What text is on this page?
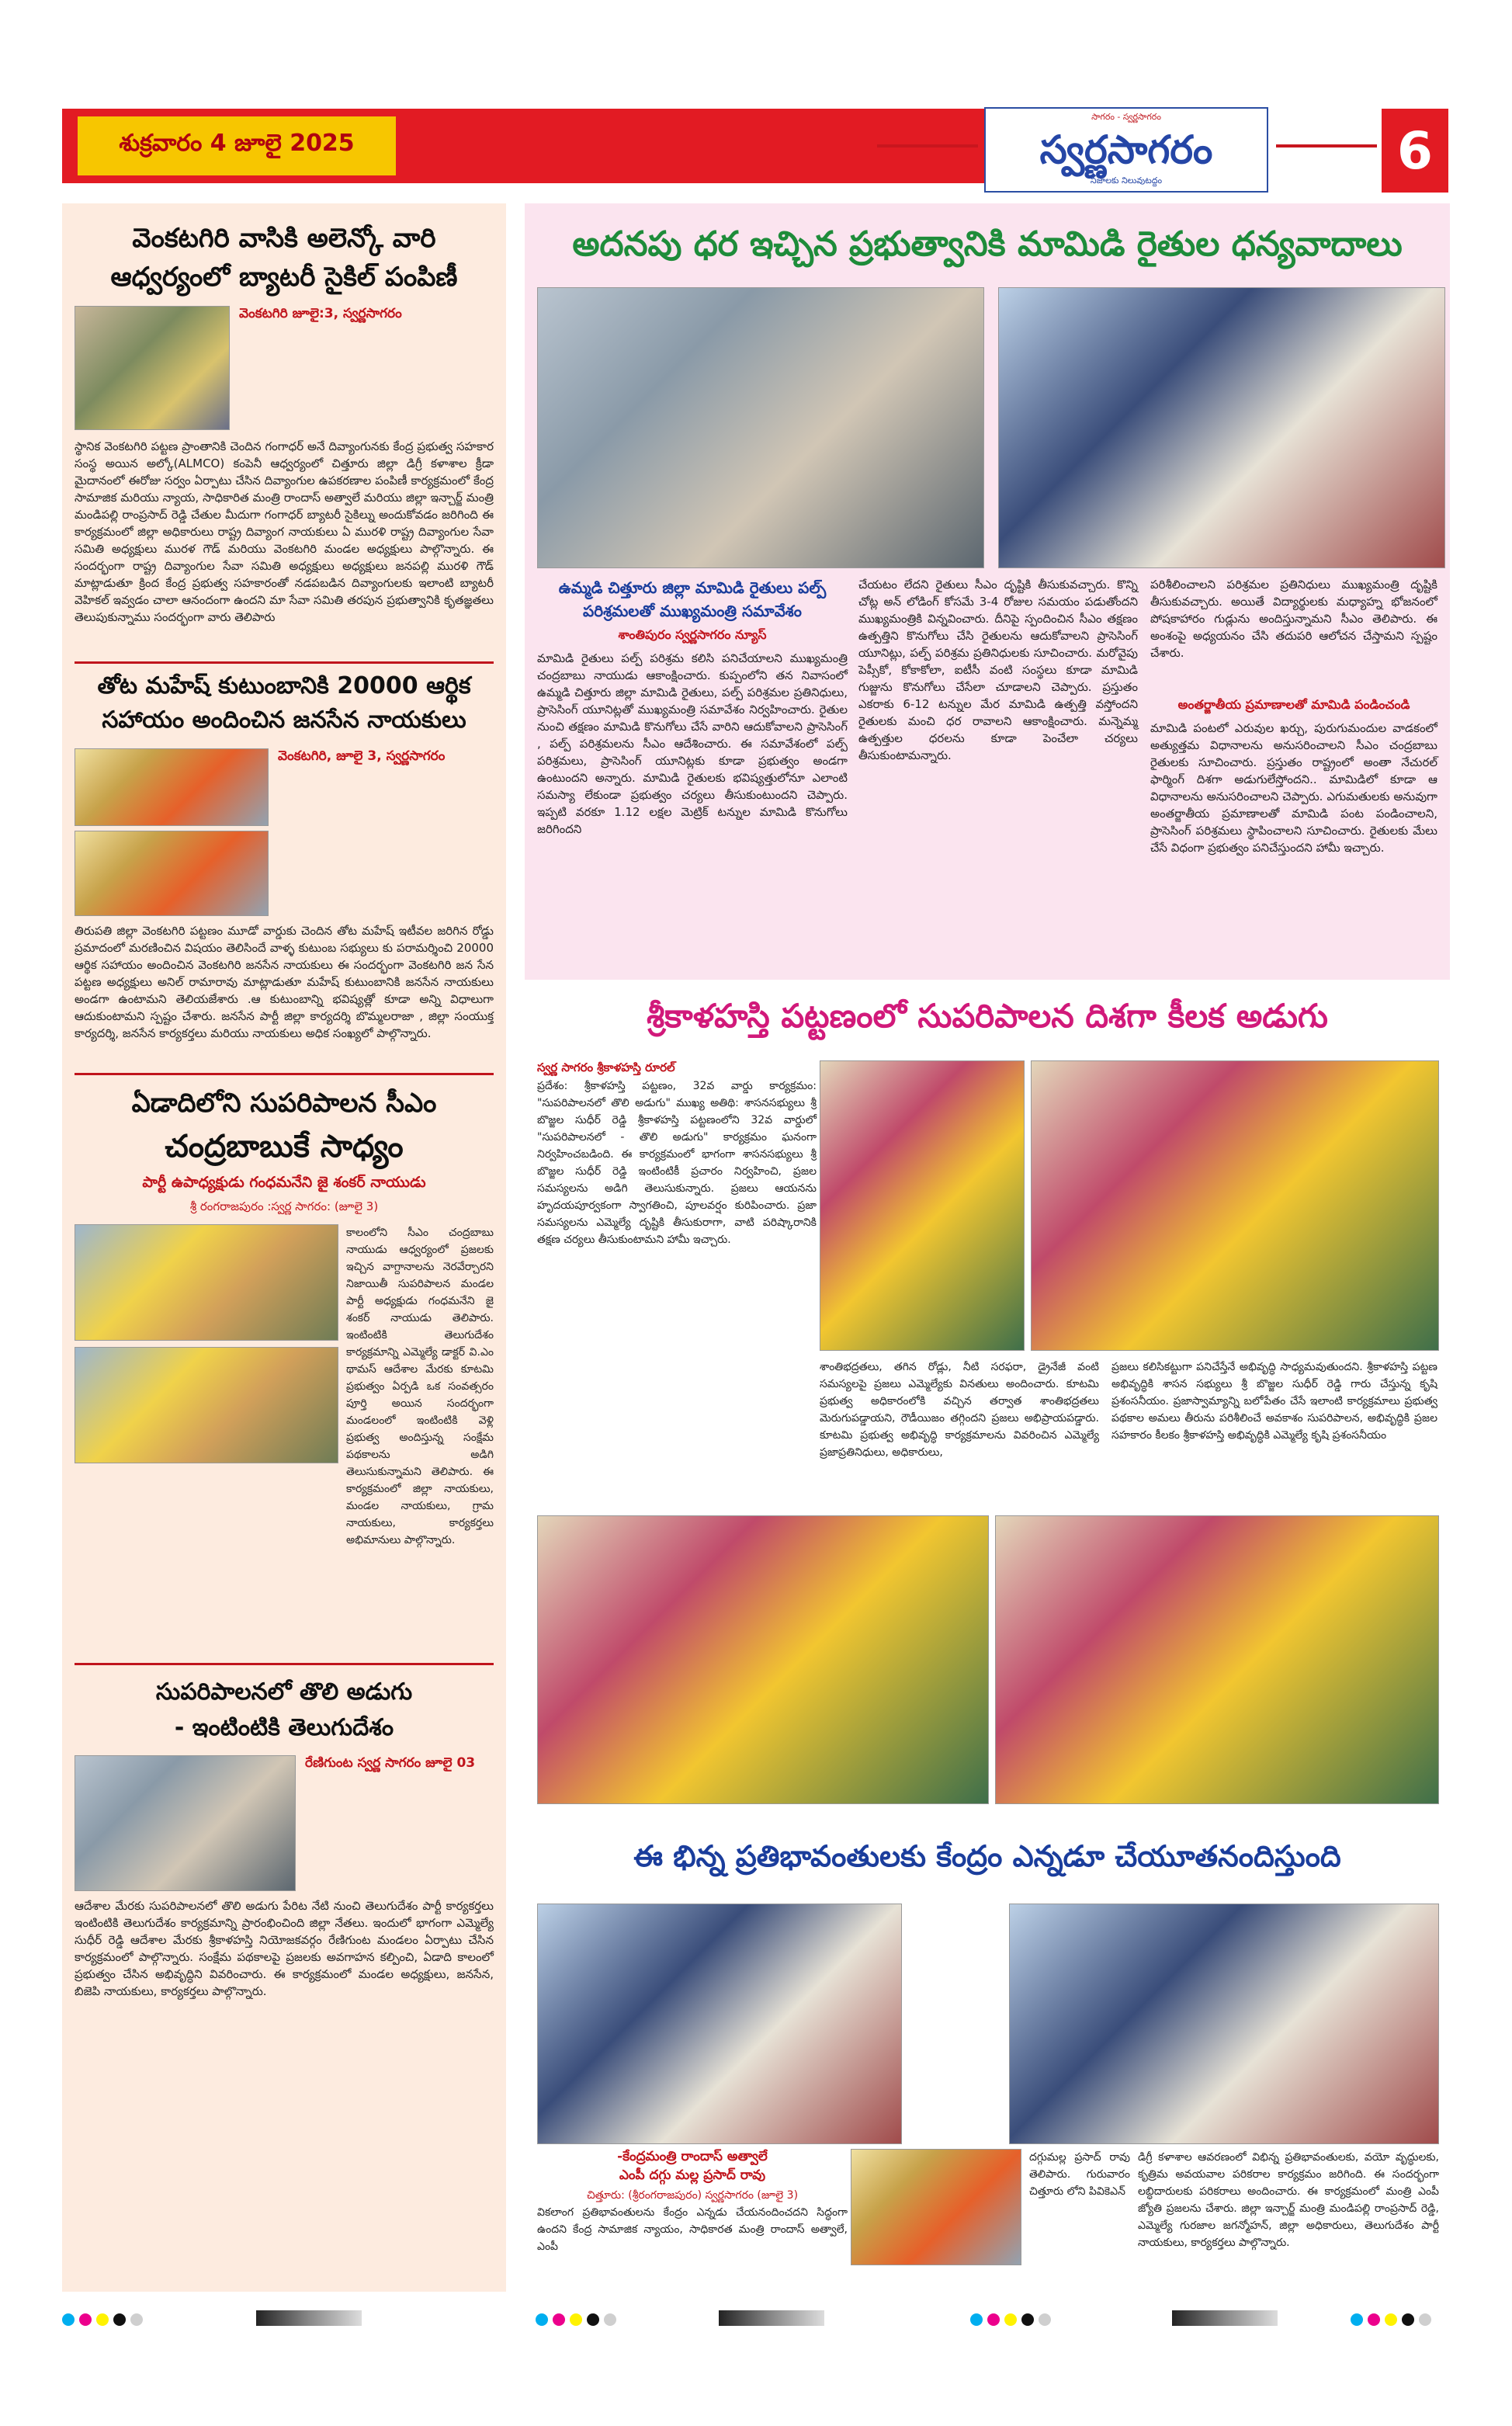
శుక్రవారం 4 జూలై 2025
సాగరం - స్వర్ణసాగరం
స్వర్ణసాగరం
నిజాలకు నిలువుటద్దం	6
వెంకటగిరి వాసికి అలెన్కో వారి
ఆధ్వర్యంలో బ్యాటరీ సైకిల్ పంపిణీ
వెంకటగిరి జూలై:3, స్వర్ణసాగరం
స్థానిక వెంకటగిరి పట్టణ ప్రాంతానికి చెందిన గంగాధర్ అనే దివ్యాంగునకు కేంద్ర ప్రభుత్వ సహకార సంస్థ అయిన అల్కో(ALMCO) కంపెనీ ఆధ్వర్యంలో చిత్తూరు జిల్లా డిగ్రీ కళాశాల క్రీడా మైదానంలో ఈరోజు సర్వం ఏర్పాటు చేసిన దివ్యాంగుల ఉపకరణాల పంపిణీ కార్యక్రమంలో కేంద్ర సామాజిక మరియు న్యాయ, సాధికారిత మంత్రి రాందాస్ అత్వాలే మరియు జిల్లా ఇన్చార్జ్ మంత్రి మండిపల్లి రాంప్రసాద్ రెడ్డి చేతుల మీదుగా గంగాధర్ బ్యాటరీ సైకిల్ను అందుకోవడం జరిగింది ఈ కార్యక్రమంలో జిల్లా అధికారులు రాష్ట్ర దివ్యాంగ నాయకులు ఏ మురళి రాష్ట్ర దివ్యాంగుల సేవా సమితి అధ్యక్షులు మురళ గౌడ్ మరియు వెంకటగిరి మండల అధ్యక్షులు పాల్గొన్నారు. ఈ సందర్భంగా రాష్ట్ర దివ్యాంగుల సేవా సమితి అధ్యక్షులు అధ్యక్షులు జనపల్లి మురళి గౌడ్ మాట్లాడుతూ క్రింద కేంద్ర ప్రభుత్వ సహకారంతో నడపబడిన దివ్యాంగులకు ఇలాంటి బ్యాటరీ వెహికల్ ఇవ్వడం చాలా ఆనందంగా ఉందని మా సేవా సమితి తరపున ప్రభుత్వానికి కృతజ్ఞతలు తెలుపుకున్నాము సందర్భంగా వారు తెలిపారు
తోట మహేష్ కుటుంబానికి 20000 ఆర్థిక
సహాయం అందించిన జనసేన నాయకులు
వెంకటగిరి, జూలై 3, స్వర్ణసాగరం
తిరుపతి జిల్లా వెంకటగిరి పట్టణం మూడో వార్డుకు చెందిన తోట మహేష్ ఇటీవల జరిగిన రోడ్డు ప్రమాదంలో మరణించిన విషయం తెలిసిందే వాళ్ళ కుటుంబ సభ్యులు కు పరామర్శించి 20000 ఆర్థిక సహాయం అందించిన వెంకటగిరి జనసేన నాయకులు ఈ సందర్భంగా వెంకటగిరి జన సేన పట్టణ అధ్యక్షులు అనిల్ రామారావు మాట్లాడుతూ మహేష్ కుటుంబానికి జనసేన నాయకులు అండగా ఉంటామని తెలియజేశారు .ఆ కుటుంబాన్ని భవిష్యత్లో కూడా అన్ని విధాలుగా ఆదుకుంటామని స్పష్టం చేశారు. జనసేన పార్టీ జిల్లా కార్యదర్శి బొమ్మలరాజా , జిల్లా సంయుక్త కార్యదర్శి, జనసేన కార్యకర్తలు మరియు నాయకులు అధిక సంఖ్యలో పాల్గొన్నారు.
ఏడాదిలోని సుపరిపాలన సీఎం
చంద్రబాబుకే సాధ్యం
పార్టీ ఉపాధ్యక్షుడు గంధమనేని జై శంకర్ నాయుడు
శ్రీ రంగరాజపురం :స్వర్ణ సాగరం: (జూలై 3)
కాలంలోని సీఎం చంద్రబాబు నాయుడు ఆధ్వర్యంలో ప్రజలకు ఇచ్చిన వాగ్దానాలను నెరవేర్చారని నిజాయితీ సుపరిపాలన మండల పార్టీ అధ్యక్షుడు గంధమనేని జై శంకర్ నాయుడు తెలిపారు. ఇంటింటికి తెలుగుదేశం కార్యక్రమాన్ని ఎమ్మెల్యే డాక్టర్ వి.ఎం థామస్ ఆదేశాల మేరకు కూటమి ప్రభుత్వం ఏర్పడి ఒక సంవత్సరం పూర్తి అయిన సందర్భంగా మండలంలో ఇంటింటికి వెళ్లి ప్రభుత్వ అందిస్తున్న సంక్షేమ పథకాలను అడిగి తెలుసుకున్నామని తెలిపారు. ఈ కార్యక్రమంలో జిల్లా నాయకులు, మండల నాయకులు, గ్రామ నాయకులు, కార్యకర్తలు అభిమానులు పాల్గొన్నారు.
సుపరిపాలనలో తొలి అడుగు
- ఇంటింటికి తెలుగుదేశం
రేణిగుంట స్వర్ణ సాగరం జూలై 03
ఆదేశాల మేరకు సుపరిపాలనలో తొలి అడుగు పేరిట నేటి నుంచి తెలుగుదేశం పార్టీ కార్యకర్తలు ఇంటింటికి తెలుగుదేశం కార్యక్రమాన్ని ప్రారంభించింది జిల్లా నేతలు. ఇందులో భాగంగా ఎమ్మెల్యే సుధీర్ రెడ్డి ఆదేశాల మేరకు శ్రీకాళహస్తి నియోజకవర్గం రేణిగుంట మండలం ఏర్పాటు చేసిన కార్యక్రమంలో పాల్గొన్నారు. సంక్షేమ పథకాలపై ప్రజలకు అవగాహన కల్పించి, ఏడాది కాలంలో ప్రభుత్వం చేసిన అభివృద్ధిని వివరించారు. ఈ కార్యక్రమంలో మండల అధ్యక్షులు, జనసేన, బిజెపి నాయకులు, కార్యకర్తలు పాల్గొన్నారు.
అదనపు ధర ఇచ్చిన ప్రభుత్వానికి మామిడి రైతుల ధన్యవాదాలు
ఉమ్మడి చిత్తూరు జిల్లా మామిడి రైతులు పల్ప్
పరిశ్రమలతో ముఖ్యమంత్రి సమావేశం
శాంతిపురం స్వర్ణసాగరం న్యూస్
మామిడి రైతులు పల్ప్ పరిశ్రమ కలిసి పనిచేయాలని ముఖ్యమంత్రి చంద్రబాబు నాయుడు ఆకాంక్షించారు. కుప్పంలోని తన నివాసంలో ఉమ్మడి చిత్తూరు జిల్లా మామిడి రైతులు, పల్ప్ పరిశ్రమల ప్రతినిధులు, ప్రాసెసింగ్ యూనిట్లతో ముఖ్యమంత్రి సమావేశం నిర్వహించారు. రైతుల నుంచి తక్షణం మామిడి కొనుగోలు చేసే వారిని ఆదుకోవాలని ప్రాసెసింగ్ , పల్ప్ పరిశ్రమలను సీఎం ఆదేశించారు. ఈ సమావేశంలో పల్ప్ పరిశ్రమలు, ప్రాసెసింగ్ యూనిట్లకు కూడా ప్రభుత్వం అండగా ఉంటుందని అన్నారు. మామిడి రైతులకు భవిష్యత్తులోనూ ఎలాంటి సమస్యా లేకుండా ప్రభుత్వం చర్యలు తీసుకుంటుందని చెప్పారు. ఇప్పటి వరకూ 1.12 లక్షల మెట్రిక్ టన్నుల మామిడి కొనుగోలు జరిగిందని
చేయటం లేదని రైతులు సీఎం దృష్టికి తీసుకువచ్చారు. కొన్ని చోట్ల అన్ లోడింగ్ కోసమే 3-4 రోజుల సమయం పడుతోందని ముఖ్యమంత్రికి విన్నవించారు. దీనిపై స్పందించిన సీఎం తక్షణం ఉత్పత్తిని కొనుగోలు చేసి రైతులను ఆదుకోవాలని ప్రాసెసింగ్ యూనిట్లు, పల్ప్ పరిశ్రమ ప్రతినిధులకు సూచించారు. మరోవైపు పెప్సీకో, కోకాకోలా, ఐటీసీ వంటి సంస్థలు కూడా మామిడి గుజ్జును కొనుగోలు చేసేలా చూడాలని చెప్పారు. ప్రస్తుతం ఎకరాకు 6-12 టన్నుల మేర మామిడి ఉత్పత్తి వస్తోందని రైతులకు మంచి ధర రావాలని ఆకాంక్షించారు. మన్నెమ్మ ఉత్పత్తుల ధరలను కూడా పెంచేలా చర్యలు తీసుకుంటామన్నారు.
పరిశీలించాలని పరిశ్రమల ప్రతినిధులు ముఖ్యమంత్రి దృష్టికి తీసుకువచ్చారు. అయితే విద్యార్థులకు మధ్యాహ్న భోజనంలో పోషకాహారం గుడ్లును అందిస్తున్నామని సీఎం తెలిపారు. ఈ అంశంపై అధ్యయనం చేసి తదుపరి ఆలోచన చేస్తామని స్పష్టం చేశారు.
అంతర్జాతీయ ప్రమాణాలతో మామిడి పండించండి
మామిడి పంటలో ఎరువుల ఖర్చు, పురుగుమందుల వాడకంలో అత్యుత్తమ విధానాలను అనుసరించాలని సీఎం చంద్రబాబు రైతులకు సూచించారు. ప్రస్తుతం రాష్ట్రంలో అంతా నేచురల్ ఫార్మింగ్ దిశగా అడుగులేస్తోందని.. మామిడిలో కూడా ఆ విధానాలను అనుసరించాలని చెప్పారు. ఎగుమతులకు అనువుగా అంతర్జాతీయ ప్రమాణాలతో మామిడి పంట పండించాలని, ప్రాసెసింగ్ పరిశ్రమలు స్థాపించాలని సూచించారు. రైతులకు మేలు చేసే విధంగా ప్రభుత్వం పనిచేస్తుందని హామీ ఇచ్చారు.
శ్రీకాళహస్తి పట్టణంలో సుపరిపాలన దిశగా కీలక అడుగు
స్వర్ణ సాగరం శ్రీకాళహస్తి రూరల్
ప్రదేశం: శ్రీకాళహస్తి పట్టణం, 32వ వార్డు కార్యక్రమం: "సుపరిపాలనలో తొలి అడుగు" ముఖ్య అతిథి: శాసనసభ్యులు శ్రీ బొజ్జల సుధీర్ రెడ్డి శ్రీకాళహస్తి పట్టణంలోని 32వ వార్డులో "సుపరిపాలనలో - తొలి అడుగు" కార్యక్రమం ఘనంగా నిర్వహించబడింది. ఈ కార్యక్రమంలో భాగంగా శాసనసభ్యులు శ్రీ బొజ్జల సుధీర్ రెడ్డి ఇంటింటికీ ప్రచారం నిర్వహించి, ప్రజల సమస్యలను అడిగి తెలుసుకున్నారు. ప్రజలు ఆయనను హృదయపూర్వకంగా స్వాగతించి, పూలవర్షం కురిపించారు. ప్రజా సమస్యలను ఎమ్మెల్యే దృష్టికి తీసుకురాగా, వాటి పరిష్కారానికి తక్షణ చర్యలు తీసుకుంటామని హామీ ఇచ్చారు.
శాంతిభద్రతలు, తగిన రోడ్లు, నీటి సరఫరా, డ్రైనేజీ వంటి సమస్యలపై ప్రజలు ఎమ్మెల్యేకు వినతులు అందించారు. కూటమి ప్రభుత్వ అధికారంలోకి వచ్చిన తర్వాత శాంతిభద్రతలు మెరుగుపడ్డాయని, రౌడీయిజం తగ్గిందని ప్రజలు అభిప్రాయపడ్డారు. కూటమి ప్రభుత్వ అభివృద్ధి కార్యక్రమాలను వివరించిన ఎమ్మెల్యే ప్రజాప్రతినిధులు, అధికారులు,
ప్రజలు కలిసికట్టుగా పనిచేస్తేనే అభివృద్ధి సాధ్యమవుతుందని. శ్రీకాళహస్తి పట్టణ అభివృద్ధికి శాసన సభ్యులు శ్రీ బొజ్జల సుధీర్ రెడ్డి గారు చేస్తున్న కృషి ప్రశంసనీయం. ప్రజాస్వామ్యాన్ని బలోపేతం చేసే ఇలాంటి కార్యక్రమాలు ప్రభుత్వ పథకాల అమలు తీరును పరిశీలించే అవకాశం సుపరిపాలన, అభివృద్ధికి ప్రజల సహకారం కీలకం శ్రీకాళహస్తి అభివృద్ధికి ఎమ్మెల్యే కృషి ప్రశంసనీయం
ఈ భిన్న ప్రతిభావంతులకు కేంద్రం ఎన్నడూ చేయూతనందిస్తుంది
-కేంద్రమంత్రి రాందాస్ అత్వాలే
ఎంపీ దగ్గు మల్ల ప్రసాద్ రావు
చిత్తూరు: (శ్రీరంగరాజపురం) స్వర్ణసాగరం (జూలై 3)
వికలాంగ ప్రతిభావంతులను కేంద్రం ఎన్నడు చేయనందించదని సిద్ధంగా ఉందని కేంద్ర సామాజిక న్యాయం, సాధికారత మంత్రి రాందాస్ అత్వాలే, ఎంపీ
దగ్గుమల్ల ప్రసాద్ రావు తెలిపారు. గురువారం చిత్తూరు లోని పివికెఎన్
డిగ్రీ కళాశాల ఆవరణంలో విభిన్న ప్రతిభావంతులకు, వయో వృద్ధులకు, కృత్రిమ అవయవాల పరికరాల కార్యక్రమం జరిగింది. ఈ సందర్భంగా లబ్ధిదారులకు పరికరాలు అందించారు. ఈ కార్యక్రమంలో మంత్రి ఎంపీ జ్యోతి ప్రజలను చేశారు. జిల్లా ఇన్చార్జ్ మంత్రి మండిపల్లి రాంప్రసాద్ రెడ్డి, ఎమ్మెల్యే గురజాల జగన్మోహన్, జిల్లా అధికారులు, తెలుగుదేశం పార్టీ నాయకులు, కార్యకర్తలు పాల్గొన్నారు.
